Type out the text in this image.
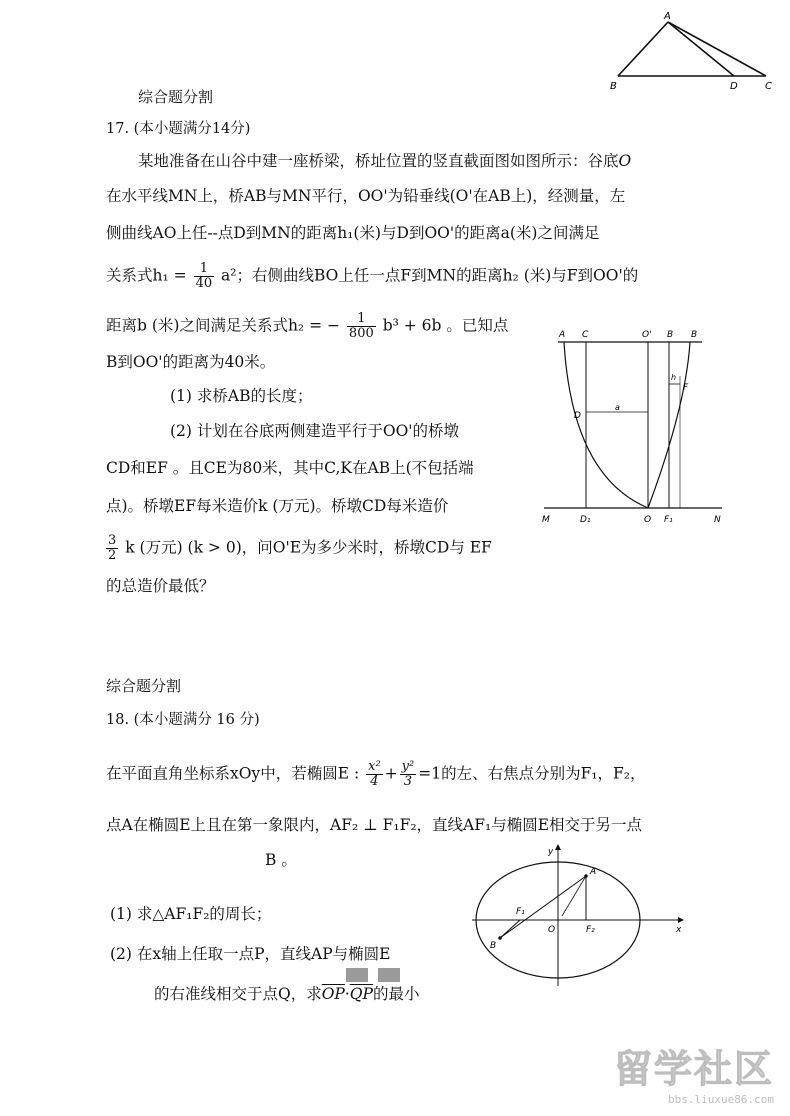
A
B	D	C
综合题分割
17. (本小题满分14分)
某地准备在山谷中建一座桥梁，桥址位置的竖直截面图如图所示：谷底O
在水平线MN上，桥AB与MN平行，OO'为铅垂线(O'在AB上)，经测量，左
侧曲线AO上任--点D到MN的距离h₁(米)与D到OO'的距离a(米)之间满足
关系式$h_1 = \frac{1}{40} a^2$；右侧曲线BO上任一点F到MN的距离h₂ (米)与F到OO'的
距离b (米)之间满足关系式h₂ = − $\frac{1}{800} b^3 + 6b$ 。已知点
B到OO'的距离为40米。
(1) 求桥AB的长度；
(2) 计划在谷底两侧建造平行于OO'的桥墩
CD和EF 。且CE为80米，其中C,K在AB上(不包括端
点)。桥墩EF每米造价k (万元)。桥墩CD每米造价
$\frac{3}{2}$ k (万元) (k > 0)，问O'E为多少米时，桥墩CD与 EF
的总造价最低？
A C	O' B B
h
F
D
a
M	D₁	O F₁	N
综合题分割
18. (本小题满分 16 分)
在平面直角坐标系xOy中，若椭圆E : $\frac{\text{x²}}{4} + \frac{\text{y²}}{3} =1$的左、右焦点分别为F₁，F₂，
点A在椭圆E上且在第一象限内，AF₂ ⊥ F₁F₂，直线AF₁与椭圆E相交于另一点
B 。
(1) 求△AF₁F₂的周长；
(2) 在x轴上任取一点P，直线AP与椭圆E
的右准线相交于点Q，求$\overline{OP}\cdot\overline{QP}$的最小
y
A
F₁
O	F₂	x
B
留学社区
bbs.liuxue86.com
